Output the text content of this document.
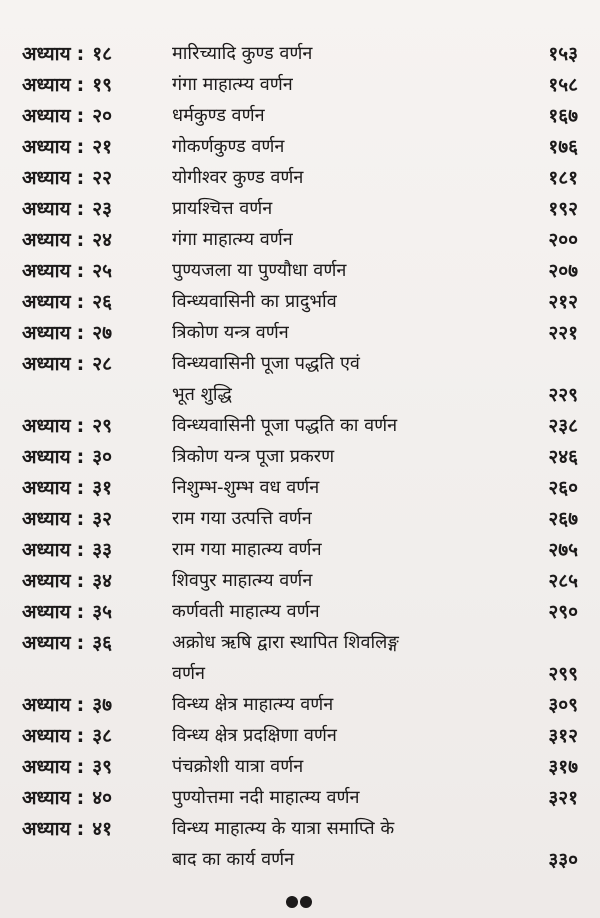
अध्याय : १८	मारिच्यादि कुण्ड वर्णन	१५३
अध्याय : १९	गंगा माहात्म्य वर्णन	१५८
अध्याय : २०	धर्मकुण्ड वर्णन	१६७
अध्याय : २१	गोकर्णकुण्ड वर्णन	१७६
अध्याय : २२	योगीश्वर कुण्ड वर्णन	१८१
अध्याय : २३	प्रायश्चित्त वर्णन	१९२
अध्याय : २४	गंगा माहात्म्य वर्णन	२००
अध्याय : २५	पुण्यजला या पुण्यौधा वर्णन	२०७
अध्याय : २६	विन्ध्यवासिनी का प्रादुर्भाव	२१२
अध्याय : २७	त्रिकोण यन्त्र वर्णन	२२१
अध्याय : २८	विन्ध्यवासिनी पूजा पद्धति एवं
भूत शुद्धि	२२९
अध्याय : २९	विन्ध्यवासिनी पूजा पद्धति का वर्णन	२३८
अध्याय : ३०	त्रिकोण यन्त्र पूजा प्रकरण	२४६
अध्याय : ३१	निशुम्भ-शुम्भ वध वर्णन	२६०
अध्याय : ३२	राम गया उत्पत्ति वर्णन	२६७
अध्याय : ३३	राम गया माहात्म्य वर्णन	२७५
अध्याय : ३४	शिवपुर माहात्म्य वर्णन	२८५
अध्याय : ३५	कर्णवती माहात्म्य वर्णन	२९०
अध्याय : ३६	अक्रोध ऋषि द्वारा स्थापित शिवलिङ्ग
वर्णन	२९९
अध्याय : ३७	विन्ध्य क्षेत्र माहात्म्य वर्णन	३०९
अध्याय : ३८	विन्ध्य क्षेत्र प्रदक्षिणा वर्णन	३१२
अध्याय : ३९	पंचक्रोशी यात्रा वर्णन	३१७
अध्याय : ४०	पुण्योत्तमा नदी माहात्म्य वर्णन	३२१
अध्याय : ४१	विन्ध्य माहात्म्य के यात्रा समाप्ति के
बाद का कार्य वर्णन	३३०
